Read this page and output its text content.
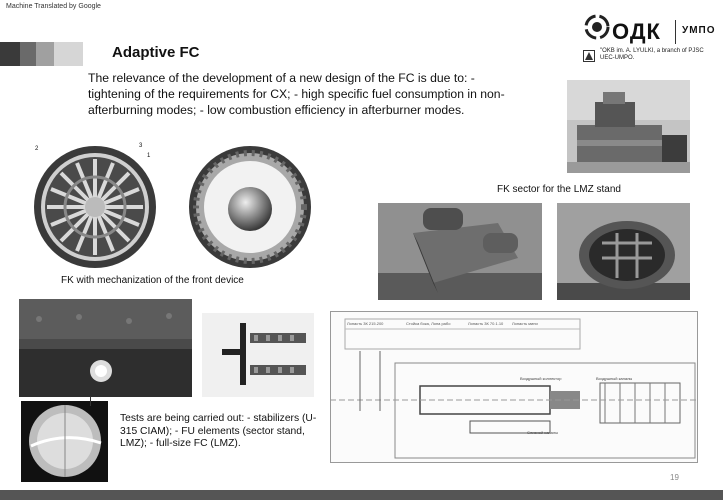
Machine Translated by Google
Adaptive FC
The relevance of the development of a new design of the FC is due to: - tightening of the requirements for CX; - high specific fuel consumption in non-afterburning modes; - low combustion efficiency in afterburner modes.
ОДК УМПО
"OKB im. A. LYULKI, a branch of PJSC UEC-UMPO.
FK sector for the LMZ stand
2	3
1
FK with mechanization of the front device
Лопасть 3К 215.200	Стойка бока, Лопа рабо	Лопасть 3К 70.1.10 Лопасть мини
Воздушный коллектор	Воздушный каналы
Сливной каналы
Tests are being carried out: - stabilizers (U-315 CIAM); - FU elements (sector stand, LMZ); - full-size FC (LMZ).
19
